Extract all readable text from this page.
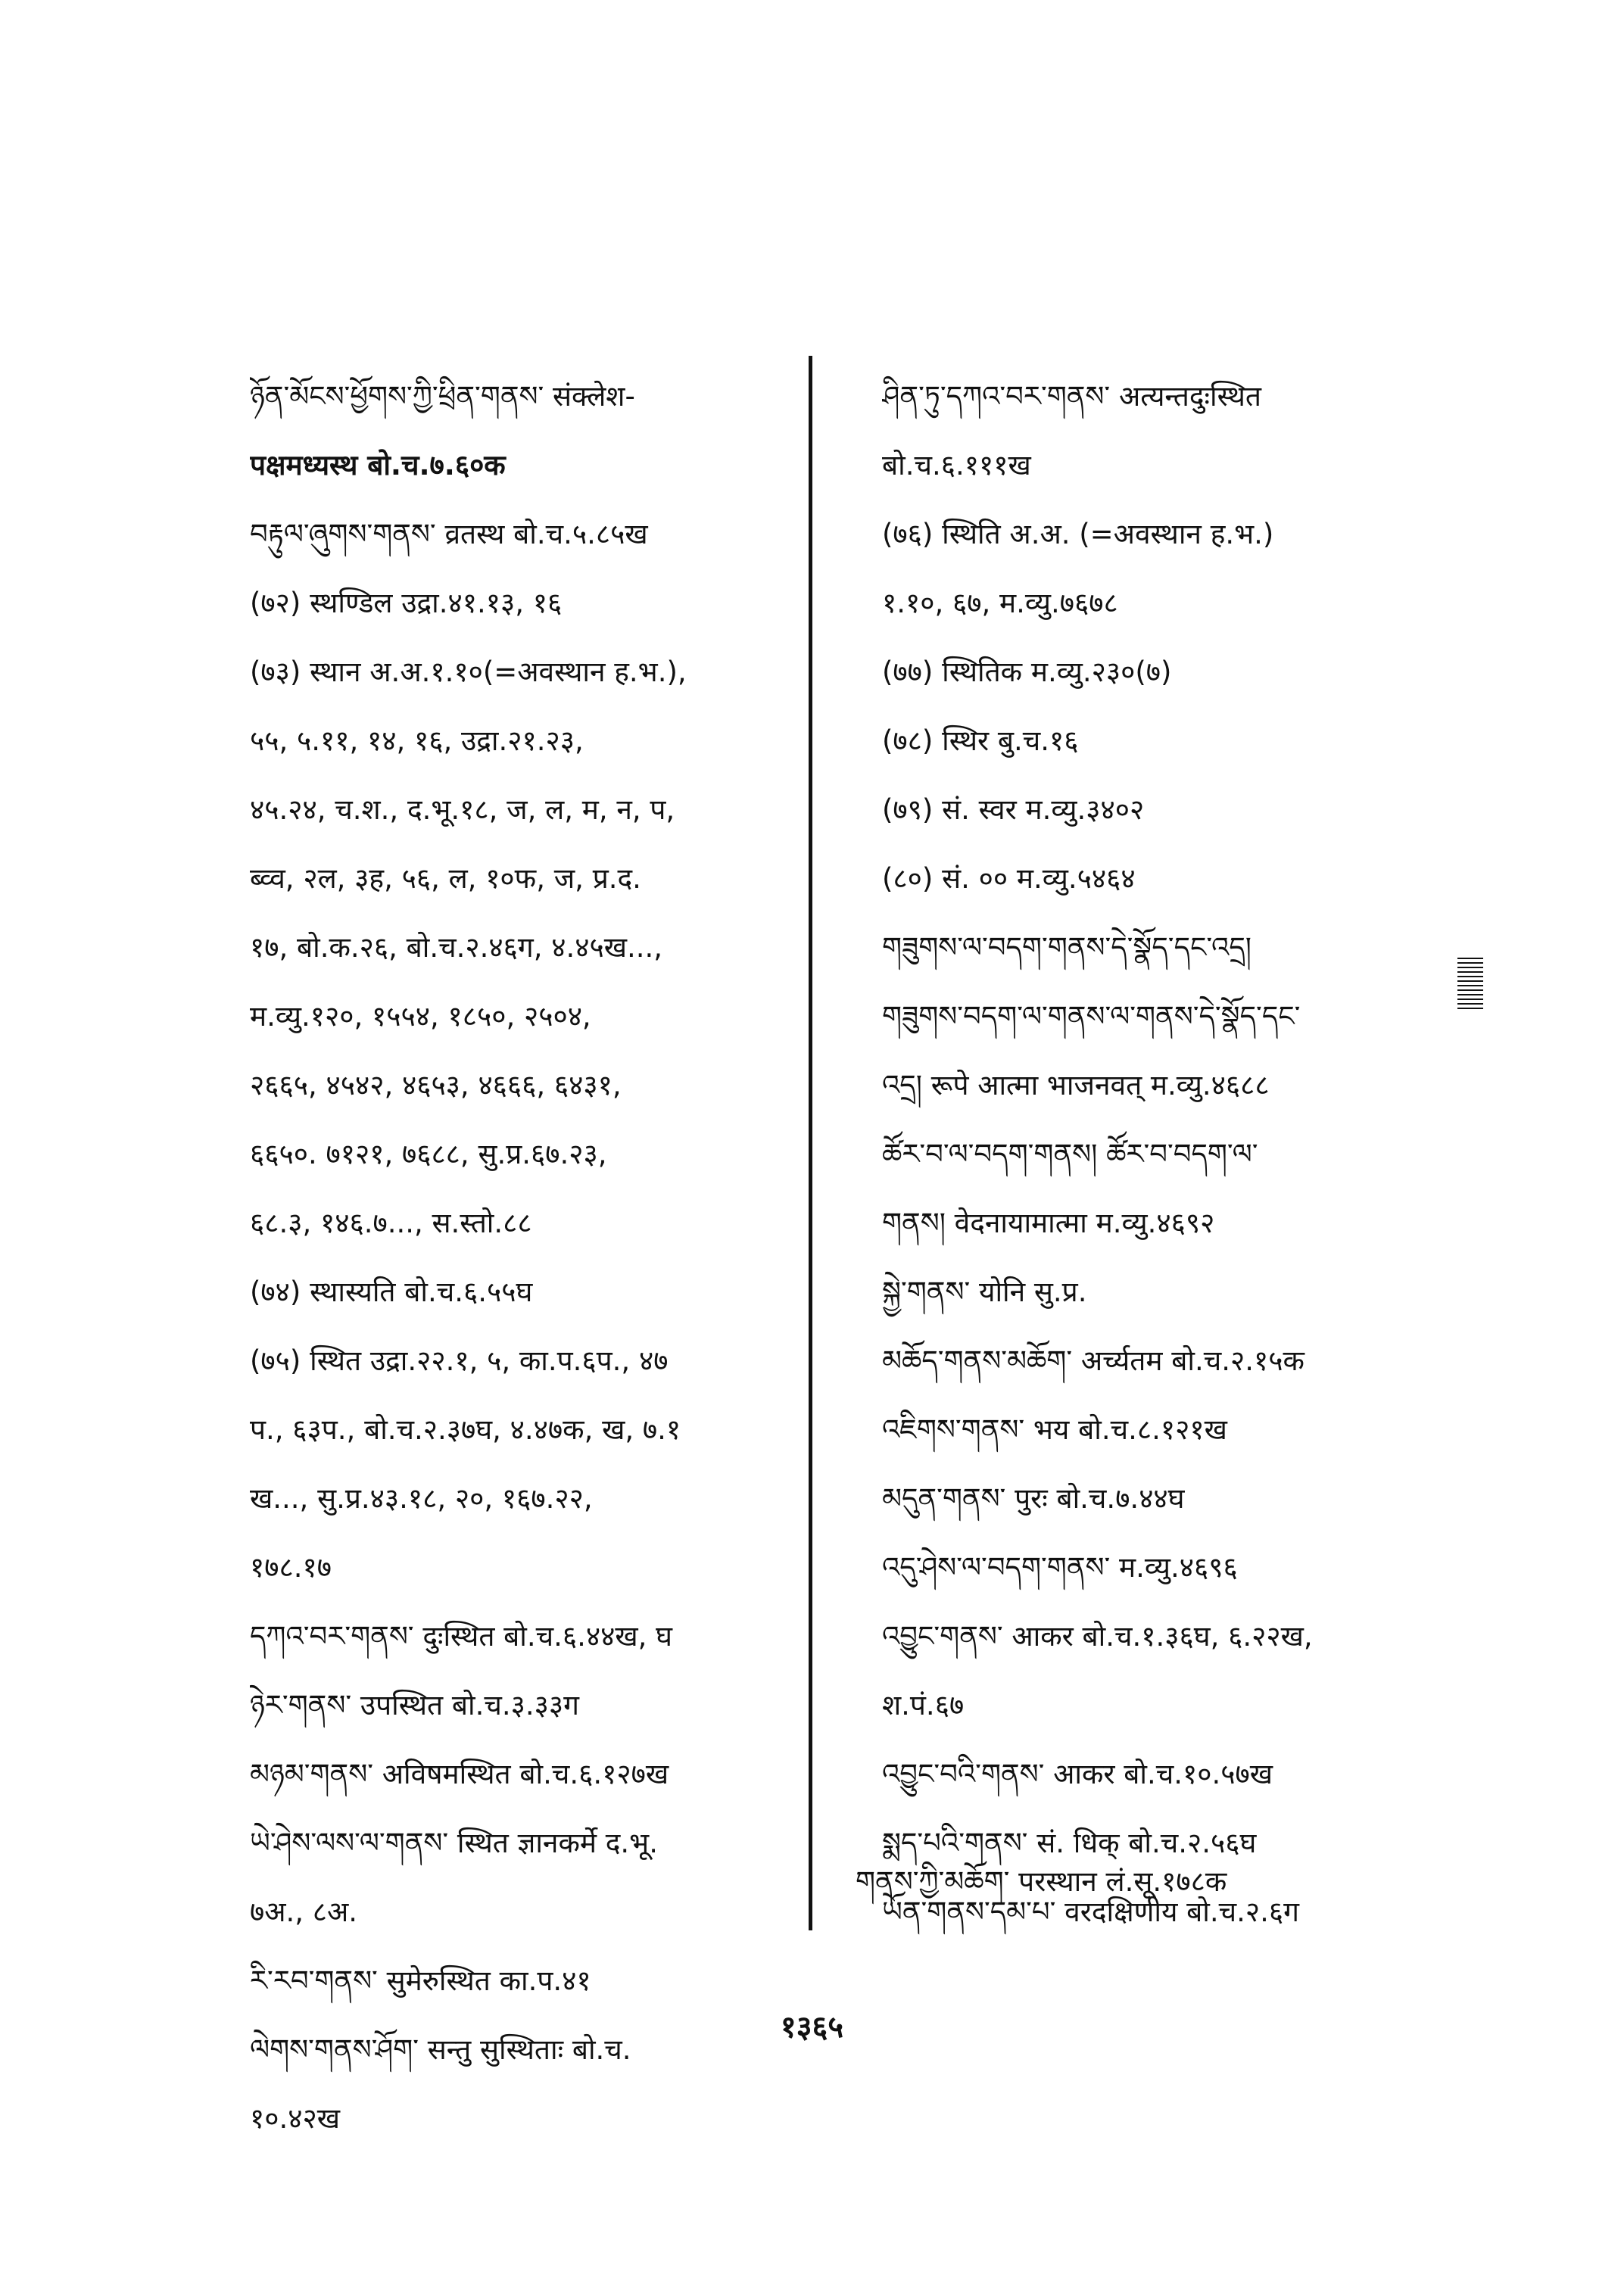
ཉོན་མོངས་ཕྱོགས་ཀྱི་ཕྲིན་གནས་ संक्लेश-
पक्षमध्यस्थ बो.च.७.६०क
བརྟུལ་ཞུགས་གནས་ व्रतस्थ बो.च.५.८५ख
(७२) स्थण्डिल उद्रा.४१.१३, १६
(७३) स्थान अ.अ.१.१०(=अवस्थान ह.भ.),
५५, ५.११, १४, १६, उद्रा.२१.२३,
४५.२४, च.श., द.भू.१८, ज, ल, म, न, प,
ब्व्व, २ल, ३ह, ५६, ल, १०फ, ज, प्र.द.
१७, बो.क.२६, बो.च.२.४६ग, ४.४५ख...,
म.व्यु.१२०, १५५४, १८५०, २५०४,
२६६५, ४५४२, ४६५३, ४६६६, ६४३१,
६६५०. ७१२१, ७६८८, सु.प्र.६७.२३,
६८.३, १४६.७..., स.स्तो.८८
(७४) स्थास्यति बो.च.६.५५घ
(७५) स्थित उद्रा.२२.१, ५, का.प.६प., ४७
प., ६३प., बो.च.२.३७घ, ४.४७क, ख, ७.१
ख..., सु.प्र.४३.१८, २०, १६७.२२,
१७८.१७
དཀའ་བར་གནས་ दुःस्थित बो.च.६.४४ख, घ
ཉེར་གནས་ उपस्थित बो.च.३.३३ग
མཉམ་གནས་ अविषमस्थित बो.च.६.१२७ख
ཡེ་ཤེས་ལས་ལ་གནས་ स्थित ज्ञानकर्मे द.भू.
७अ., ८अ.
རི་རབ་གནས་ सुमेरुस्थित का.प.४१
ལེགས་གནས་ཤོག་ सन्तु सुस्थिताः बो.च.
१०.४२ख
ཤིན་ཏུ་དཀའ་བར་གནས་ अत्यन्तदुःस्थित
बो.च.६.१११ख
(७६) स्थिति अ.अ. (=अवस्थान ह.भ.)
१.१०, ६७, म.व्यु.७६७८
(७७) स्थितिक म.व्यु.२३०(७)
(७८) स्थिर बु.च.१६
(७९) सं. स्वर म.व्यु.३४०२
(८०) सं. ०० म.व्यु.५४६४
གཟུགས་ལ་བདག་གནས་དེ་སྣོད་དང་འདྲ།
གཟུགས་བདག་ལ་གནས་ལ་གནས་དེ་སྣོད་དང་
འདྲ། रूपे आत्मा भाजनवत् म.व्यु.४६८८
ཚོར་བ་ལ་བདག་གནས། ཚོར་བ་བདག་ལ་
གནས། वेदनायामात्मा म.व्यु.४६९२
སྐྱེ་གནས་ योनि सु.प्र.
མཆོད་གནས་མཆོག་ अर्च्यतम बो.च.२.१५क
འཇིགས་གནས་ भय बो.च.८.१२१ख
མདུན་གནས་ पुरः बो.च.७.४४घ
འདུ་ཤེས་ལ་བདག་གནས་ म.व्यु.४६९६
འབྱུང་གནས་ आकर बो.च.१.३६घ, ६.२२ख,
श.पं.६७
འབྱུང་བའི་གནས་ आकर बो.च.१०.५७ख
སྨད་པའི་གནས་ सं. धिक् बो.च.२.५६घ
ཡོན་གནས་དམ་པ་ वरदक्षिणीय बो.च.२.६ग
གནས་ཀྱི་མཆོག་ परस्थान लं.सू.१७८क
१३६५
